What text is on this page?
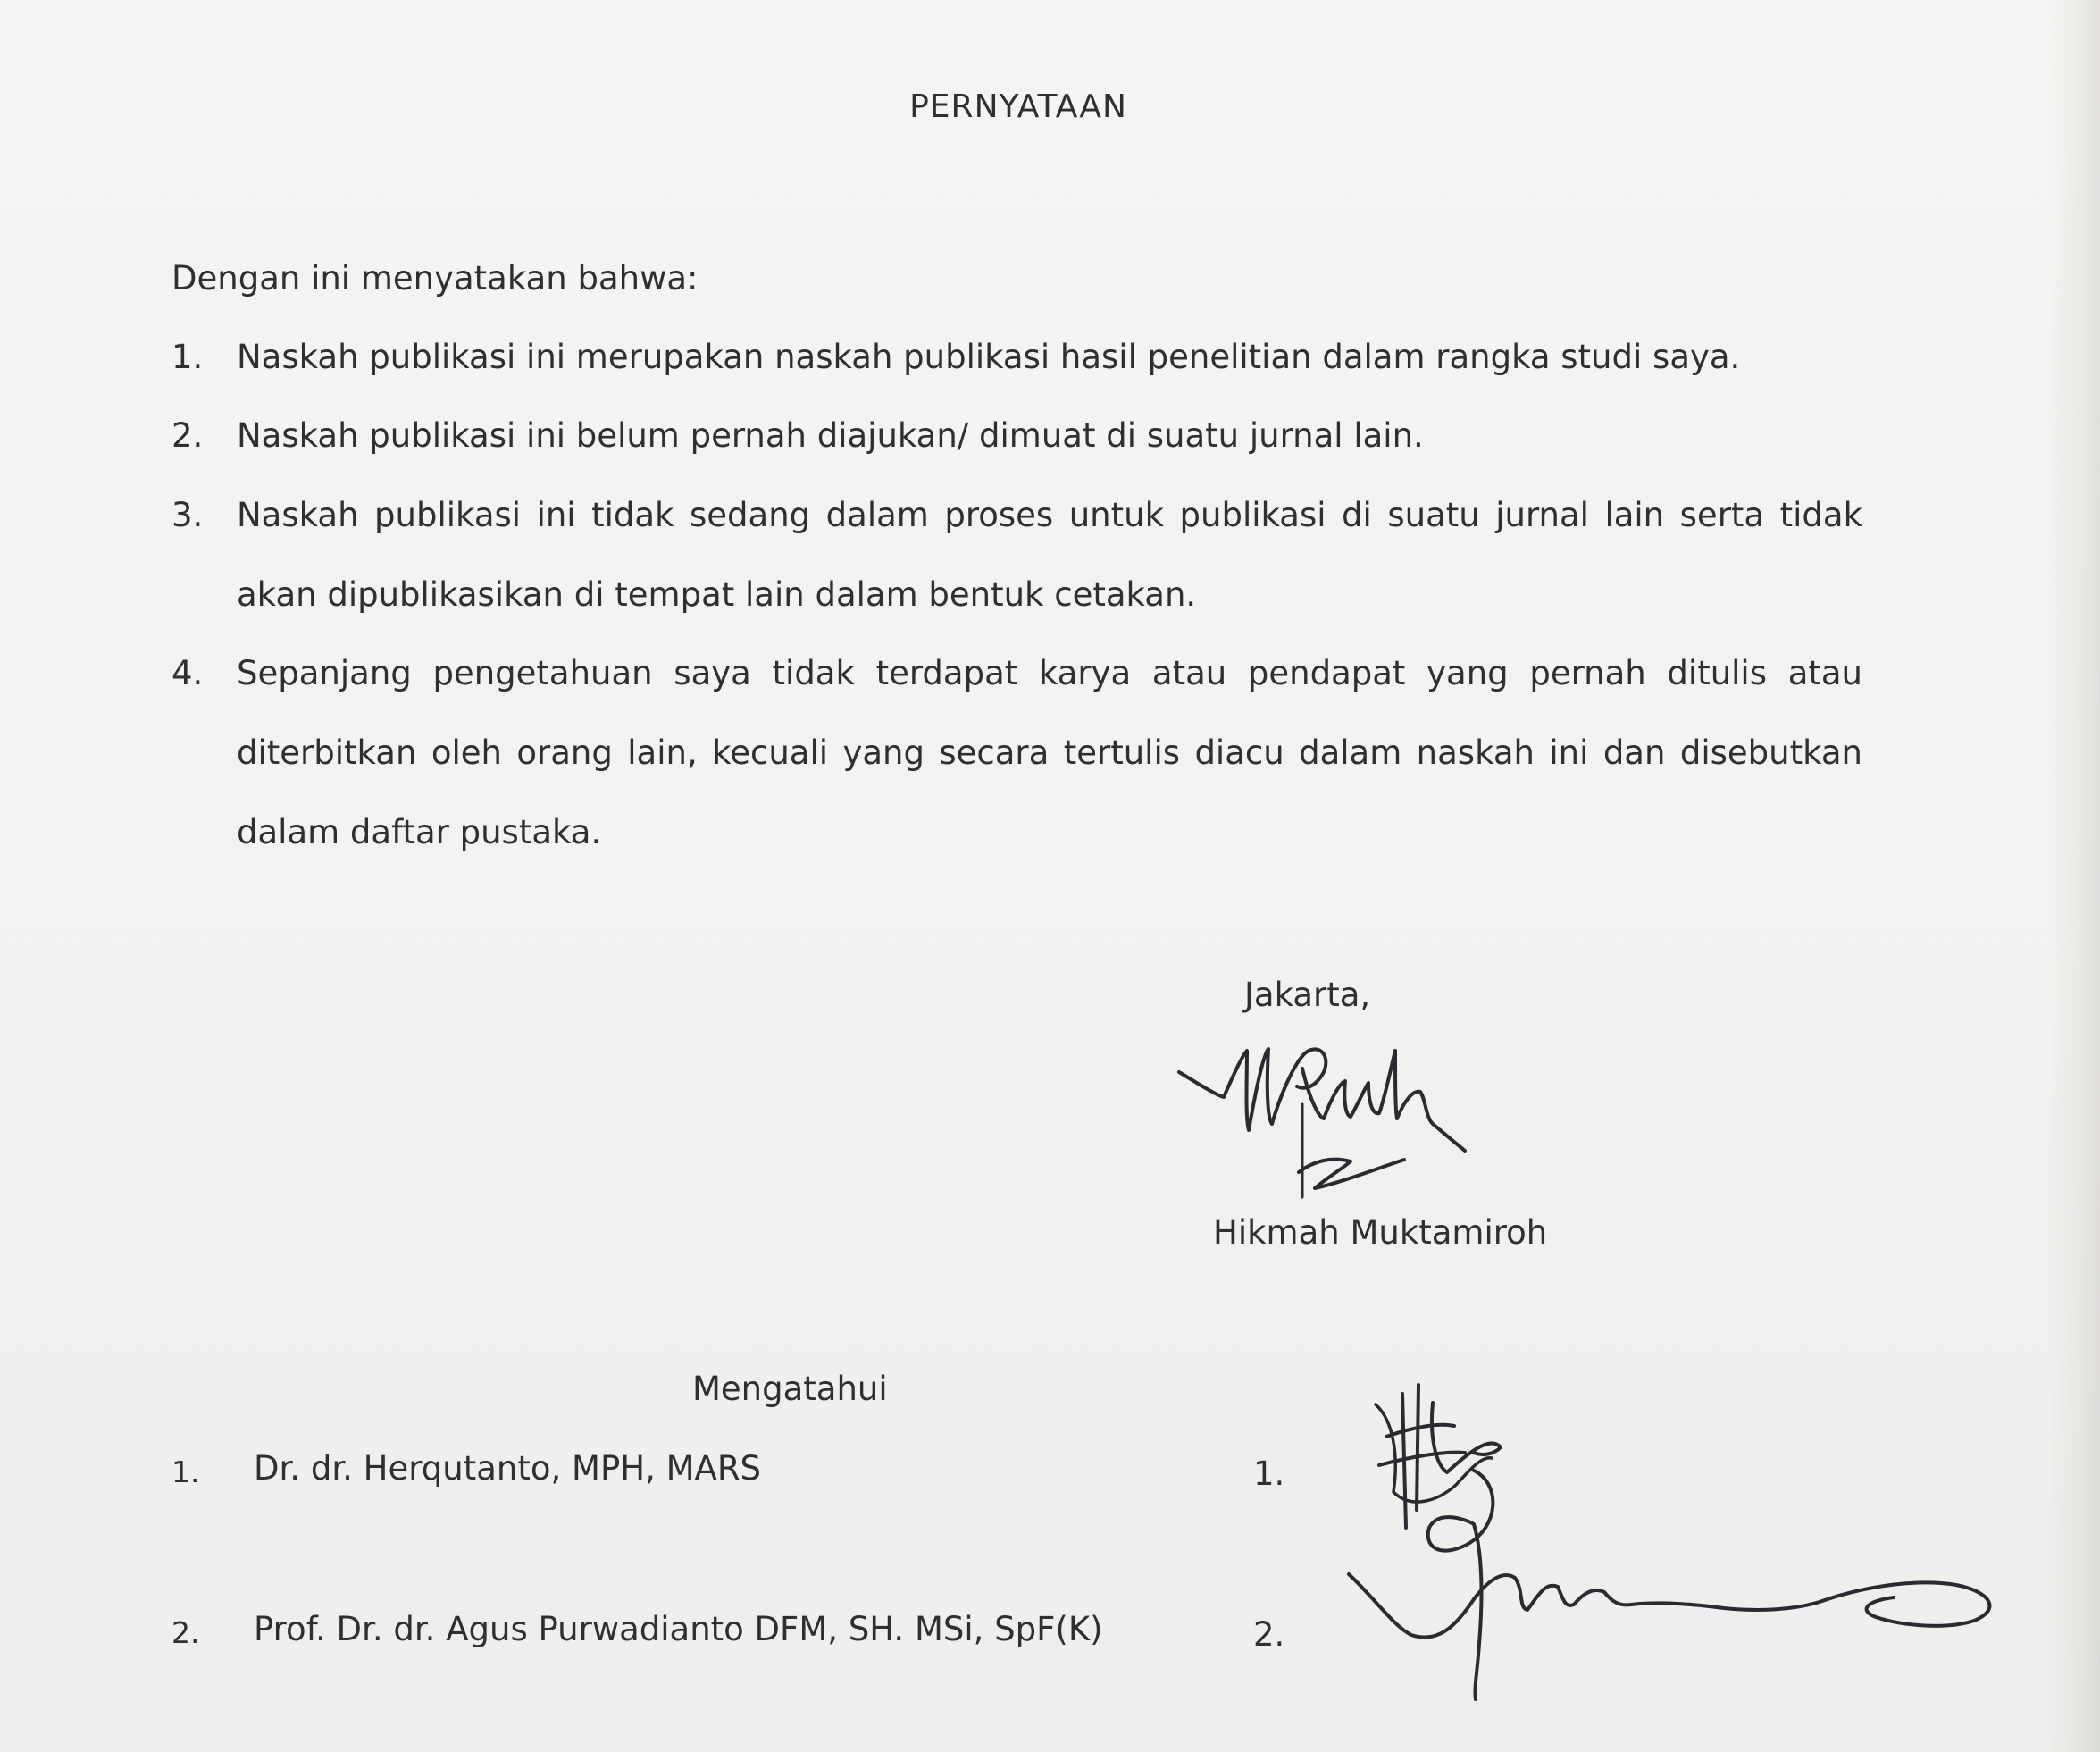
PERNYATAAN
Dengan ini menyatakan bahwa:
1. Naskah publikasi ini merupakan naskah publikasi hasil penelitian dalam rangka studi saya.
2. Naskah publikasi ini belum pernah diajukan/ dimuat di suatu jurnal lain.
3. Naskah publikasi ini tidak sedang dalam proses untuk publikasi di suatu jurnal lain serta tidak
akan dipublikasikan di tempat lain dalam bentuk cetakan.
4. Sepanjang pengetahuan saya tidak terdapat karya atau pendapat yang pernah ditulis atau
diterbitkan oleh orang lain, kecuali yang secara tertulis diacu dalam naskah ini dan disebutkan
dalam daftar pustaka.
Jakarta,
Hikmah Muktamiroh
Mengatahui
1. Dr. dr. Herqutanto, MPH, MARS	1.
2. Prof. Dr. dr. Agus Purwadianto DFM, SH. MSi, SpF(K)	2.
